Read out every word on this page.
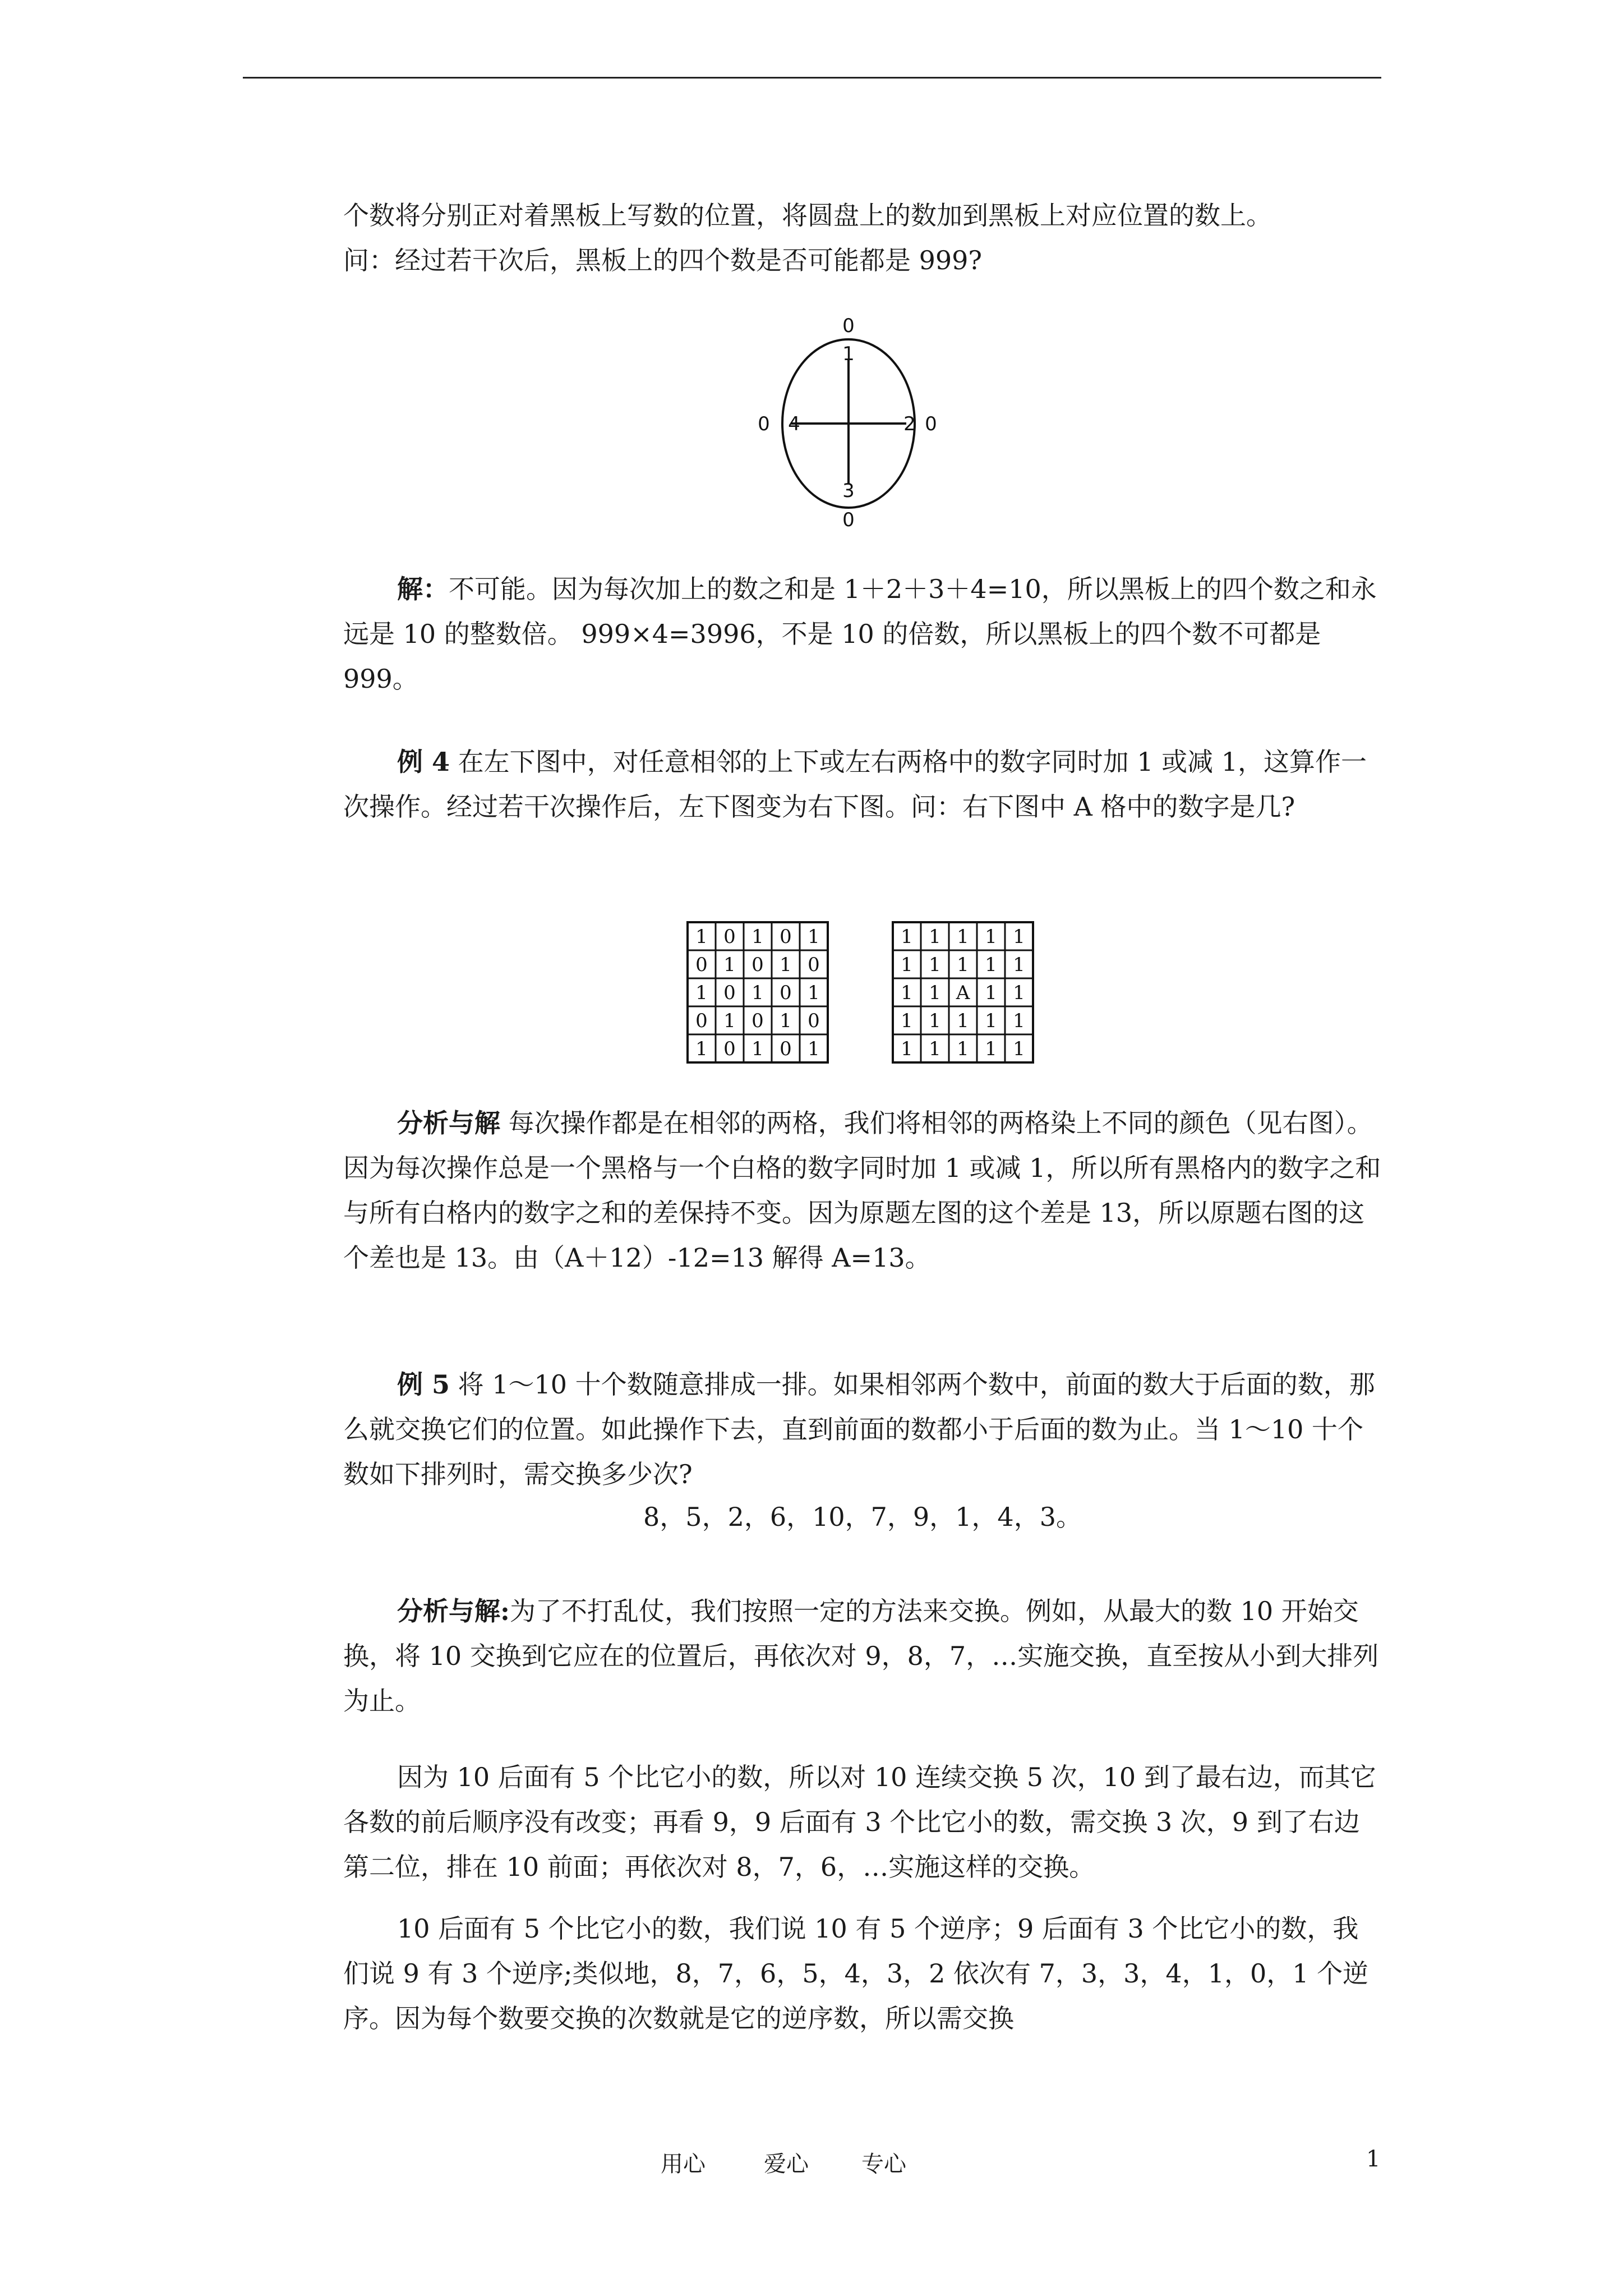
个数将分别正对着黑板上写数的位置，将圆盘上的数加到黑板上对应位置的数上。

问：经过若干次后，黑板上的四个数是否可能都是 999?

0
1
0 4	2 0
3
0

解：不可能。因为每次加上的数之和是 1＋2＋3＋4=10，所以黑板上的四个数之和永远是 10 的整数倍。 999×4=3996，不是 10 的倍数，所以黑板上的四个数不可都是 999。

例 4 在左下图中，对任意相邻的上下或左右两格中的数字同时加 1 或减 1，这算作一次操作。经过若干次操作后，左下图变为右下图。问：右下图中 A 格中的数字是几?

1 0 1 0 1
0 1 0 1 0
1 0 1 0 1
0 1 0 1 0
1 0 1 0 1
1 1 1 1 1
1 1 1 1 1
1 1 A 1 1
1 1 1 1 1
1 1 1 1 1

分析与解 每次操作都是在相邻的两格，我们将相邻的两格染上不同的颜色（见右图）。因为每次操作总是一个黑格与一个白格的数字同时加 1 或减 1，所以所有黑格内的数字之和与所有白格内的数字之和的差保持不变。因为原题左图的这个差是 13，所以原题右图的这个差也是 13。由（A＋12）-12=13 解得 A=13。

例 5 将 1～10 十个数随意排成一排。如果相邻两个数中，前面的数大于后面的数，那么就交换它们的位置。如此操作下去，直到前面的数都小于后面的数为止。当 1～10 十个数如下排列时，需交换多少次?

8，5，2，6，10，7，9，1，4，3。

分析与解:为了不打乱仗，我们按照一定的方法来交换。例如，从最大的数 10 开始交换，将 10 交换到它应在的位置后，再依次对 9，8，7，…实施交换，直至按从小到大排列为止。

因为 10 后面有 5 个比它小的数，所以对 10 连续交换 5 次，10 到了最右边，而其它各数的前后顺序没有改变；再看 9，9 后面有 3 个比它小的数，需交换 3 次，9 到了右边第二位，排在 10 前面；再依次对 8，7，6，…实施这样的交换。
10 后面有 5 个比它小的数，我们说 10 有 5 个逆序；9 后面有 3 个比它小的数，我们说 9 有 3 个逆序;类似地，8，7，6，5，4，3，2 依次有 7，3，3，4，1，0，1 个逆序。因为每个数要交换的次数就是它的逆序数，所以需交换
用心	爱心 专心	1
